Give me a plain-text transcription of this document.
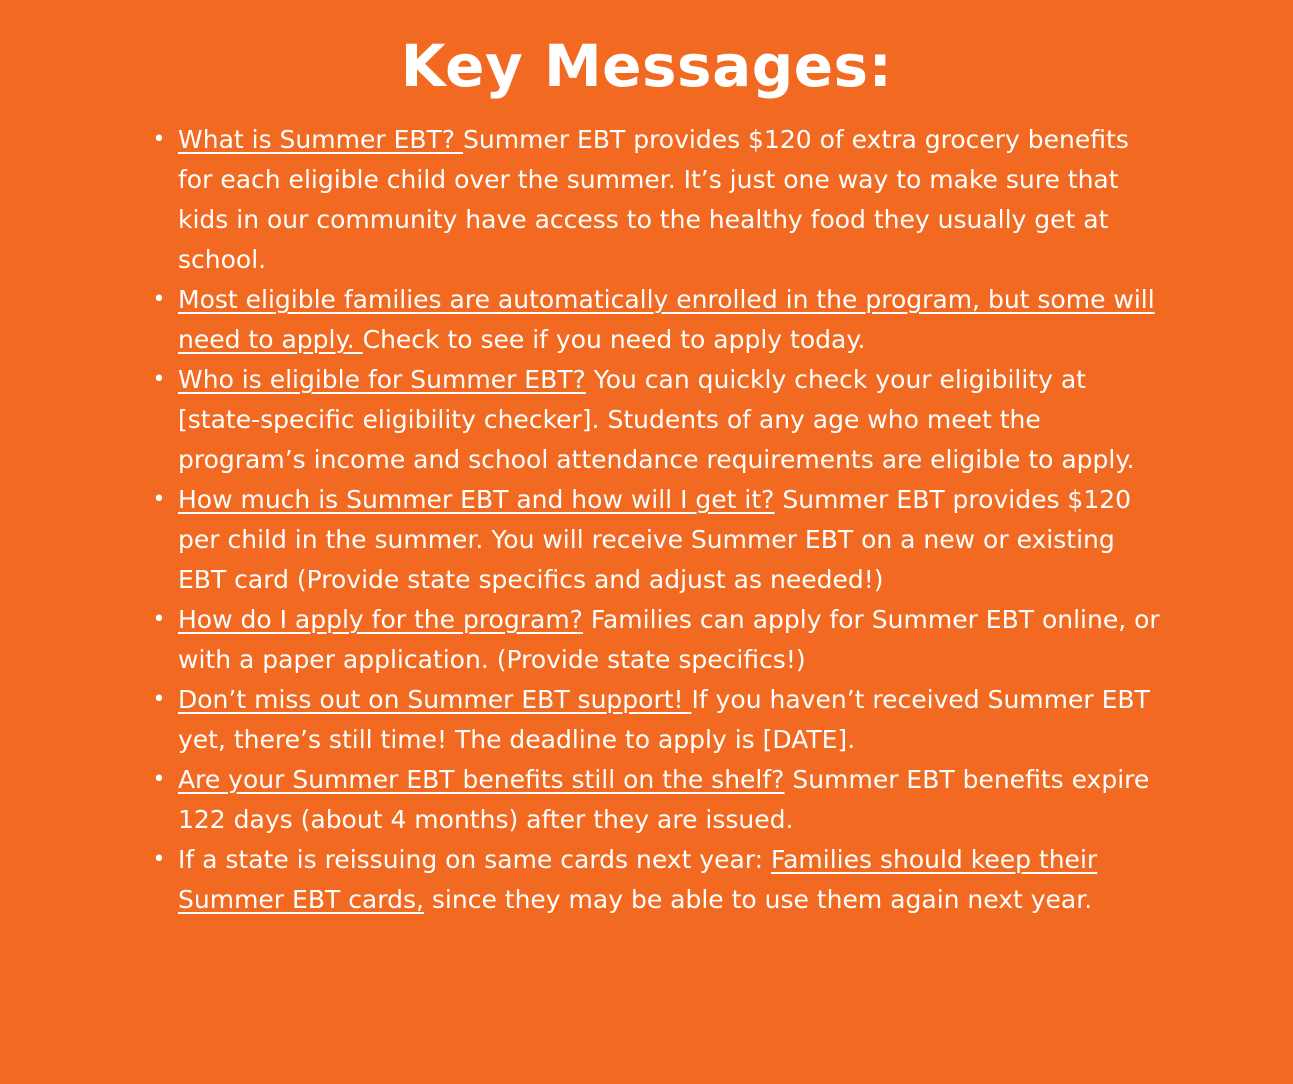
Key Messages:
• What is Summer EBT? Summer EBT provides $120 of extra grocery benefits for each eligible child over the summer. It’s just one way to make sure that kids in our community have access to the healthy food they usually get at school.
• Most eligible families are automatically enrolled in the program, but some will need to apply. Check to see if you need to apply today.
• Who is eligible for Summer EBT? You can quickly check your eligibility at [state-specific eligibility checker]. Students of any age who meet the program’s income and school attendance requirements are eligible to apply.
• How much is Summer EBT and how will I get it? Summer EBT provides $120 per child in the summer. You will receive Summer EBT on a new or existing EBT card (Provide state specifics and adjust as needed!)
• How do I apply for the program? Families can apply for Summer EBT online, or with a paper application. (Provide state specifics!)
• Don’t miss out on Summer EBT support! If you haven’t received Summer EBT yet, there’s still time! The deadline to apply is [DATE].
• Are your Summer EBT benefits still on the shelf? Summer EBT benefits expire 122 days (about 4 months) after they are issued.
• If a state is reissuing on same cards next year: Families should keep their Summer EBT cards, since they may be able to use them again next year.
